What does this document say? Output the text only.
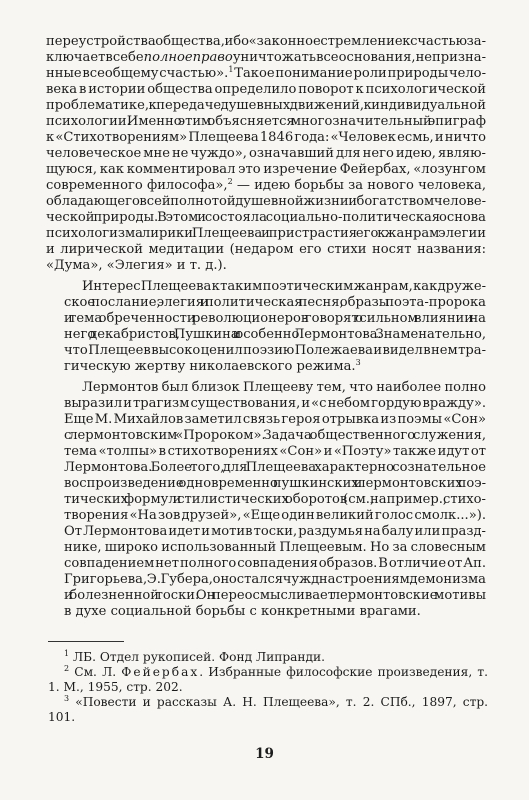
переустройства общества, ибо «законное стремление к счастью за-
ключает в себе полное право уничтожать все основания, непризна-
нные всеобщему счастью».$^1$ Такое понимание роли природы чело-
века в истории общества определило поворот к психологической
проблематике, к передаче душевных движений, к индивидуальной
психологии. Именно этим объясняется многозначительный эпиграф
к «Стихотворениям» Плещеева 1846 года: «Человек есмь, и ничто
человеческое мне не чуждо», означавший для него идею, являю-
щуюся, как комментировал это изречение Фейербах, «лозунгом
современного философа»,$^2$ — идею борьбы за нового человека,
обладающего всей полнотой душевной жизни и богатством челове-
ческой природы. В этом и состояла социально-политическая основа
психологизма лирики Плещеева и пристрастия его к жанрам элегии
и лирической медитации (недаром его стихи носят названия:
«Дума», «Элегия» и т. д.).

Интерес Плещеева к таким поэтическим жанрам, как друже-
ское послание, элегия и политическая песня, образы поэта-пророка
и тема обреченности революционеров говорят о сильном влиянии на
него декабристов, Пушкина и особенно Лермонтова. Знаменательно,
что Плещеев высоко ценил поэзию Полежаева и видел в нем тра-
гическую жертву николаевского режима.$^3$

Лермонтов был близок Плещееву тем, что наиболее полно
выразил и трагизм существования, и «с небом гордую вражду».
Еще М. Михайлов заметил связь героя отрывка из поэмы «Сон»
с лермонтовским «Пророком». Задача общественного служения,
тема «толпы» в стихотворениях «Сон» и «Поэту» также идут от
Лермонтова. Более того, для Плещеева характерно сознательное
воспроизведение одновременно пушкинских и лермонтовских поэ-
тических формул и стилистических оборотов (см., например., стихо-
творения «На зов друзей», «Еще один великий голос смолк...»).
От Лермонтова идет и мотив тоски, раздумья на балу или празд-
нике, широко использованный Плещеевым. Но за словесным
совпадением нет полного совпадения образов. В отличие от Ап.
Григорьева, Э. Губера, он остался чужд настроениям демонизма
и болезненной тоски. Он переосмысливает лермонтовские мотивы
в духе социальной борьбы с конкретными врагами.

$^1$ ЛБ. Отдел рукописей. Фонд Липранди.

$^2$ См. Л. Фейербах. Избранные философские произведения, т. 1. М., 1955, стр. 202.

$^3$ «Повести и рассказы А. Н. Плещеева», т. 2. СПб., 1897, стр. 101.

19
